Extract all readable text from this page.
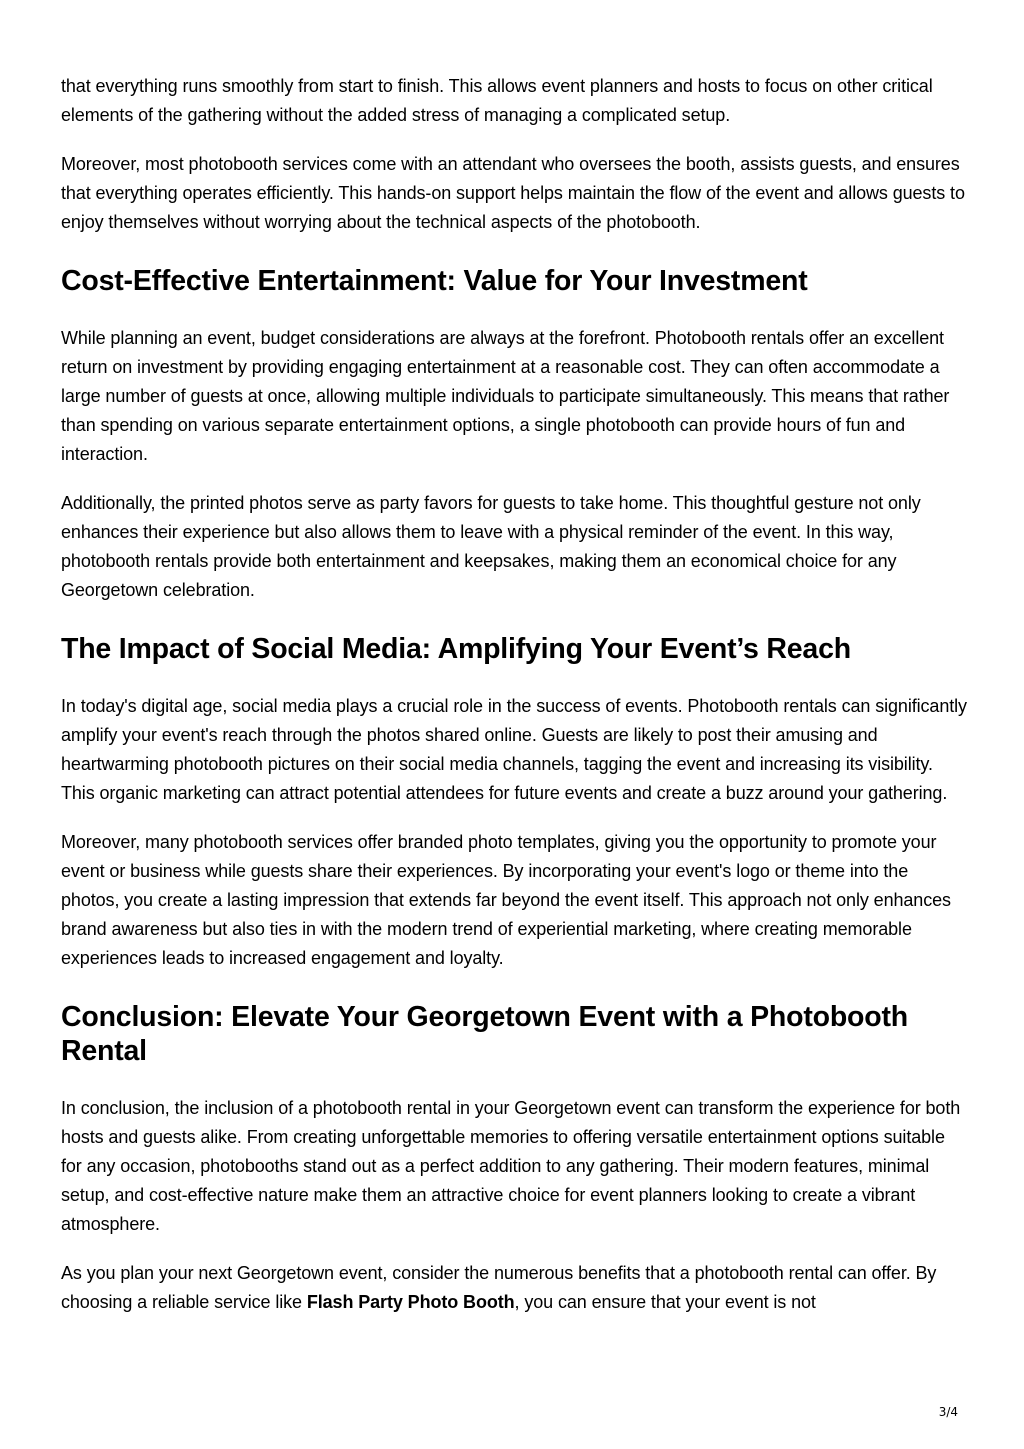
that everything runs smoothly from start to finish. This allows event planners and hosts to focus on other critical elements of the gathering without the added stress of managing a complicated setup.

Moreover, most photobooth services come with an attendant who oversees the booth, assists guests, and ensures that everything operates efficiently. This hands-on support helps maintain the flow of the event and allows guests to enjoy themselves without worrying about the technical aspects of the photobooth.

Cost-Effective Entertainment: Value for Your Investment

While planning an event, budget considerations are always at the forefront. Photobooth rentals offer an excellent return on investment by providing engaging entertainment at a reasonable cost. They can often accommodate a large number of guests at once, allowing multiple individuals to participate simultaneously. This means that rather than spending on various separate entertainment options, a single photobooth can provide hours of fun and interaction.

Additionally, the printed photos serve as party favors for guests to take home. This thoughtful gesture not only enhances their experience but also allows them to leave with a physical reminder of the event. In this way, photobooth rentals provide both entertainment and keepsakes, making them an economical choice for any Georgetown celebration.

The Impact of Social Media: Amplifying Your Event’s Reach

In today's digital age, social media plays a crucial role in the success of events. Photobooth rentals can significantly amplify your event's reach through the photos shared online. Guests are likely to post their amusing and heartwarming photobooth pictures on their social media channels, tagging the event and increasing its visibility. This organic marketing can attract potential attendees for future events and create a buzz around your gathering.

Moreover, many photobooth services offer branded photo templates, giving you the opportunity to promote your event or business while guests share their experiences. By incorporating your event's logo or theme into the photos, you create a lasting impression that extends far beyond the event itself. This approach not only enhances brand awareness but also ties in with the modern trend of experiential marketing, where creating memorable experiences leads to increased engagement and loyalty.

Conclusion: Elevate Your Georgetown Event with a Photobooth Rental

In conclusion, the inclusion of a photobooth rental in your Georgetown event can transform the experience for both hosts and guests alike. From creating unforgettable memories to offering versatile entertainment options suitable for any occasion, photobooths stand out as a perfect addition to any gathering. Their modern features, minimal setup, and cost-effective nature make them an attractive choice for event planners looking to create a vibrant atmosphere.

As you plan your next Georgetown event, consider the numerous benefits that a photobooth rental can offer. By choosing a reliable service like Flash Party Photo Booth, you can ensure that your event is not

3/4
